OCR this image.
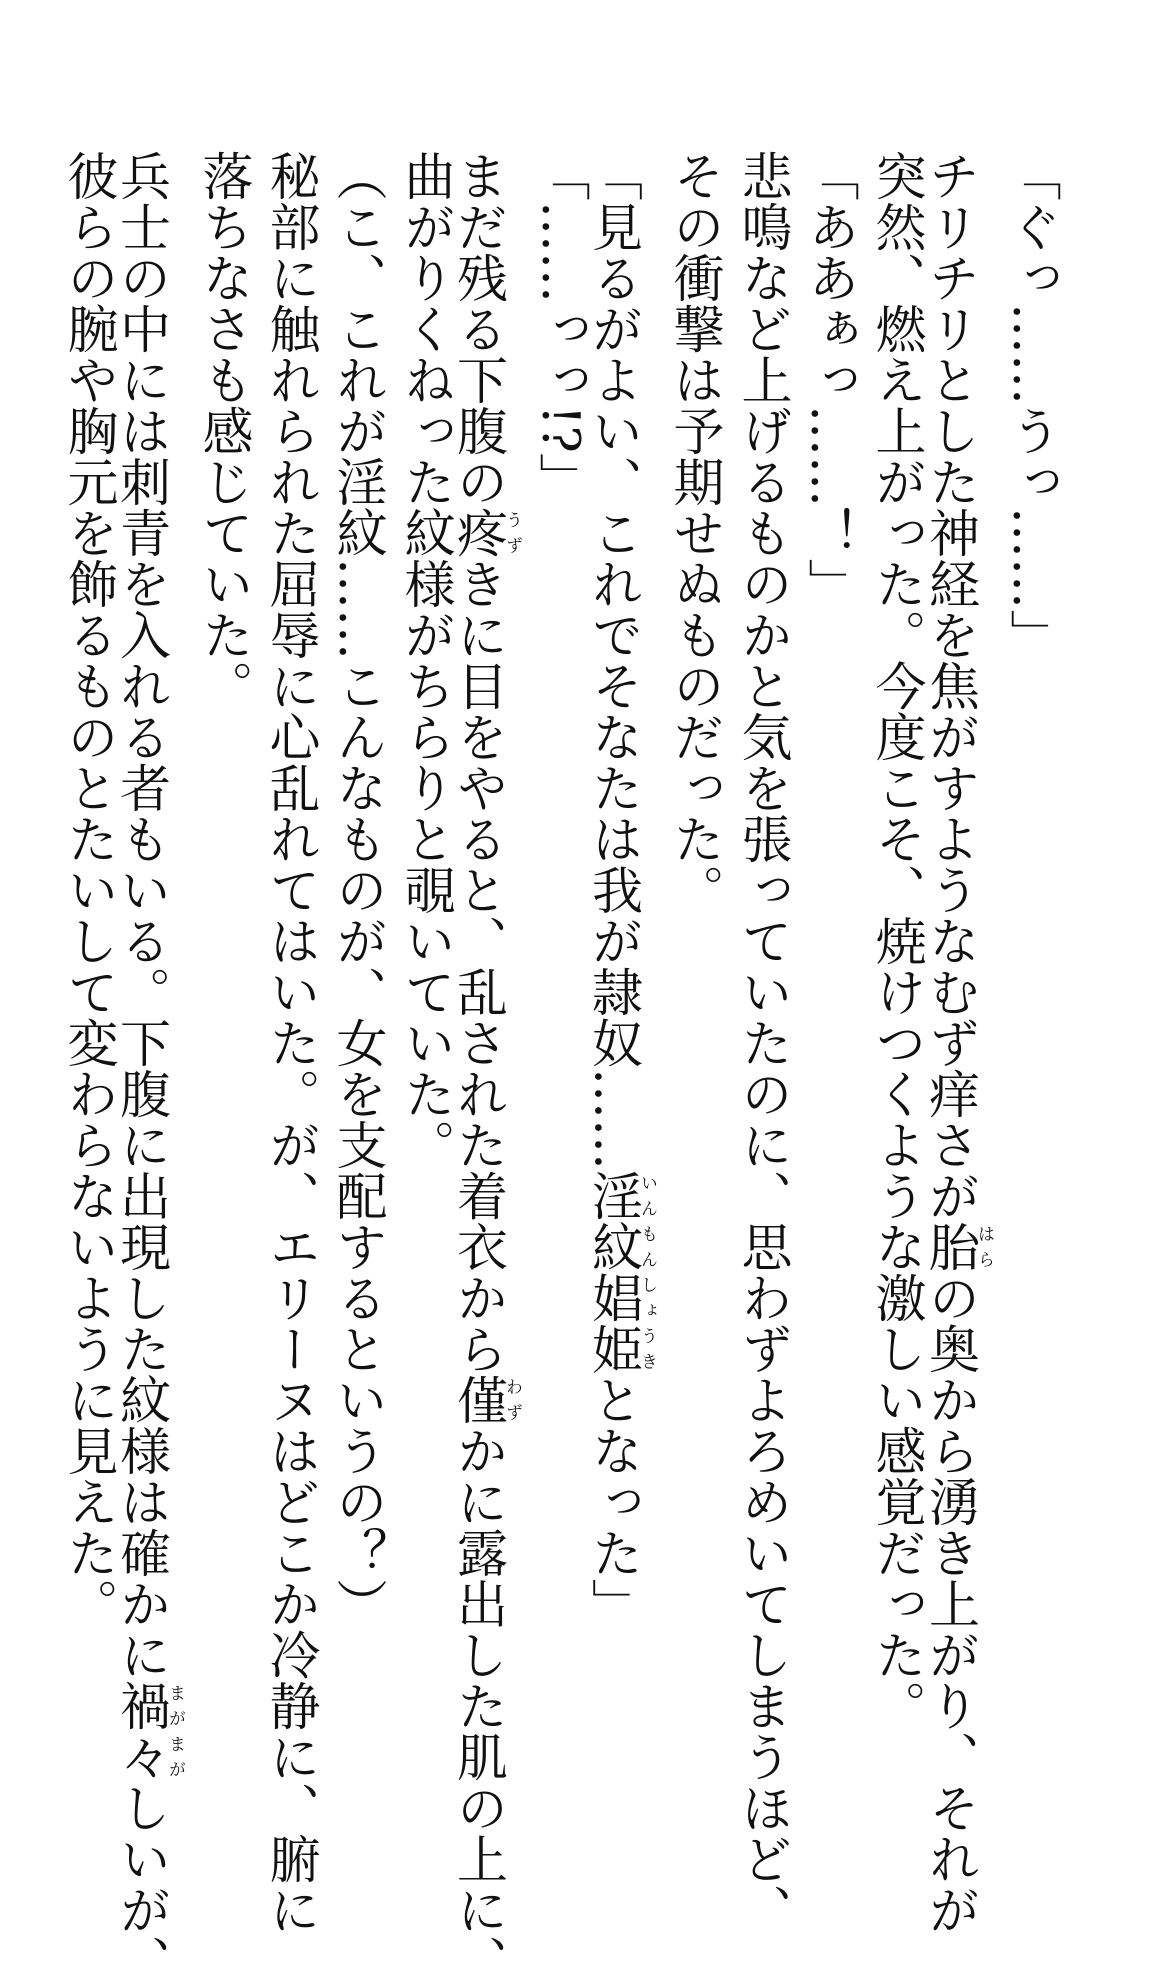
「ぐっ……うっ……」
チリチリとした神経を焦がすようなむず痒さが胎はらの奥から湧き上がり、それが
突然、燃え上がった。今度こそ、焼けつくような激しい感覚だった。
「ああぁっ……！」
悲鳴など上げるものかと気を張っていたのに、思わずよろめいてしまうほど、
その衝撃は予期せぬものだった。
「見るがよい、これでそなたは我が隷奴……淫紋娼姫いんもんしょうきとなった」
「……っっ!?」
まだ残る下腹の疼うずきに目をやると、乱された着衣から僅わずかに露出した肌の上に、
曲がりくねった紋様がちらりと覗いていた。
（こ、これが淫紋……こんなものが、女を支配するというの？）
秘部に触れられた屈辱に心乱れてはいた。が、エリーヌはどこか冷静に、腑に
落ちなさも感じていた。
兵士の中には刺青を入れる者もいる。下腹に出現した紋様は確かに禍々まがまがしいが、
彼らの腕や胸元を飾るものとたいして変わらないように見えた。
